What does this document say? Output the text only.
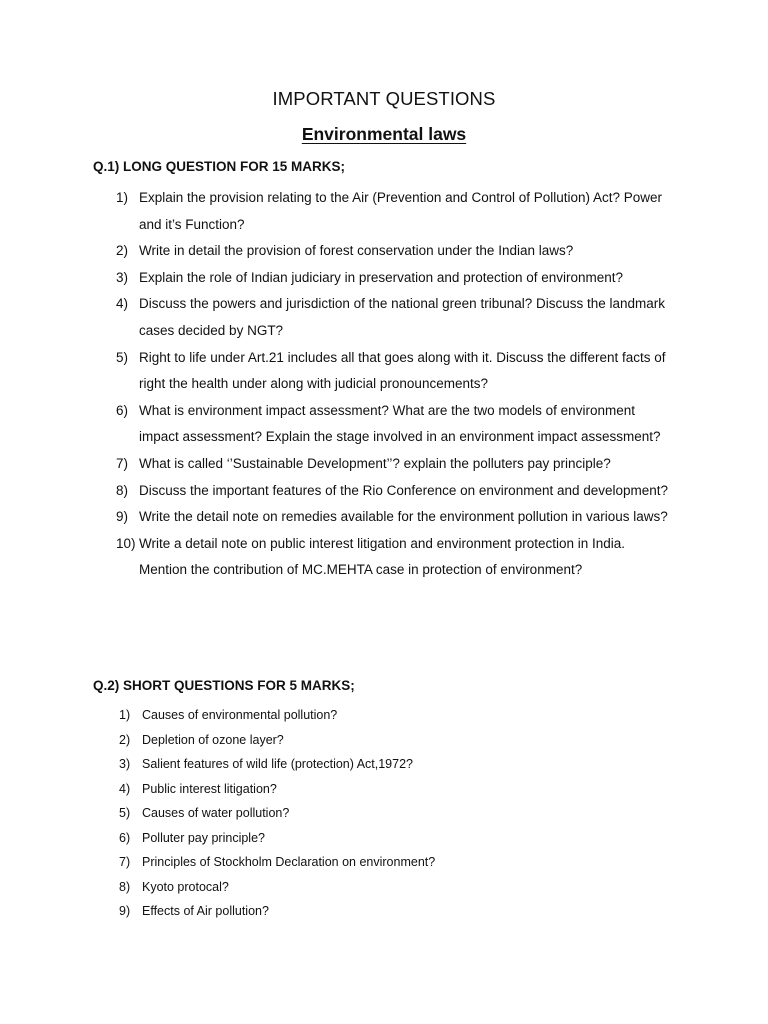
IMPORTANT QUESTIONS
Environmental laws
Q.1) LONG QUESTION FOR 15 MARKS;
1) Explain the provision relating to the Air (Prevention and Control of Pollution) Act? Power and it’s Function?
2) Write in detail the provision of forest conservation under the Indian laws?
3) Explain the role of Indian judiciary in preservation and protection of environment?
4) Discuss the powers and jurisdiction of the national green tribunal? Discuss the landmark cases decided by NGT?
5) Right to life under Art.21 includes all that goes along with it. Discuss the different facts of right the health under along with judicial pronouncements?
6) What is environment impact assessment? What are the two models of environment impact assessment? Explain the stage involved in an environment impact assessment?
7) What is called ‘’Sustainable Development’’? explain the polluters pay principle?
8) Discuss the important features of the Rio Conference on environment and development?
9) Write the detail note on remedies available for the environment pollution in various laws?
10) Write a detail note on public interest litigation and environment protection in India. Mention the contribution of MC.MEHTA case in protection of environment?
Q.2) SHORT QUESTIONS FOR 5 MARKS;
1) Causes of environmental pollution?
2) Depletion of ozone layer?
3) Salient features of wild life (protection) Act,1972?
4) Public interest litigation?
5) Causes of water pollution?
6) Polluter pay principle?
7) Principles of Stockholm Declaration on environment?
8) Kyoto protocal?
9) Effects of Air pollution?
